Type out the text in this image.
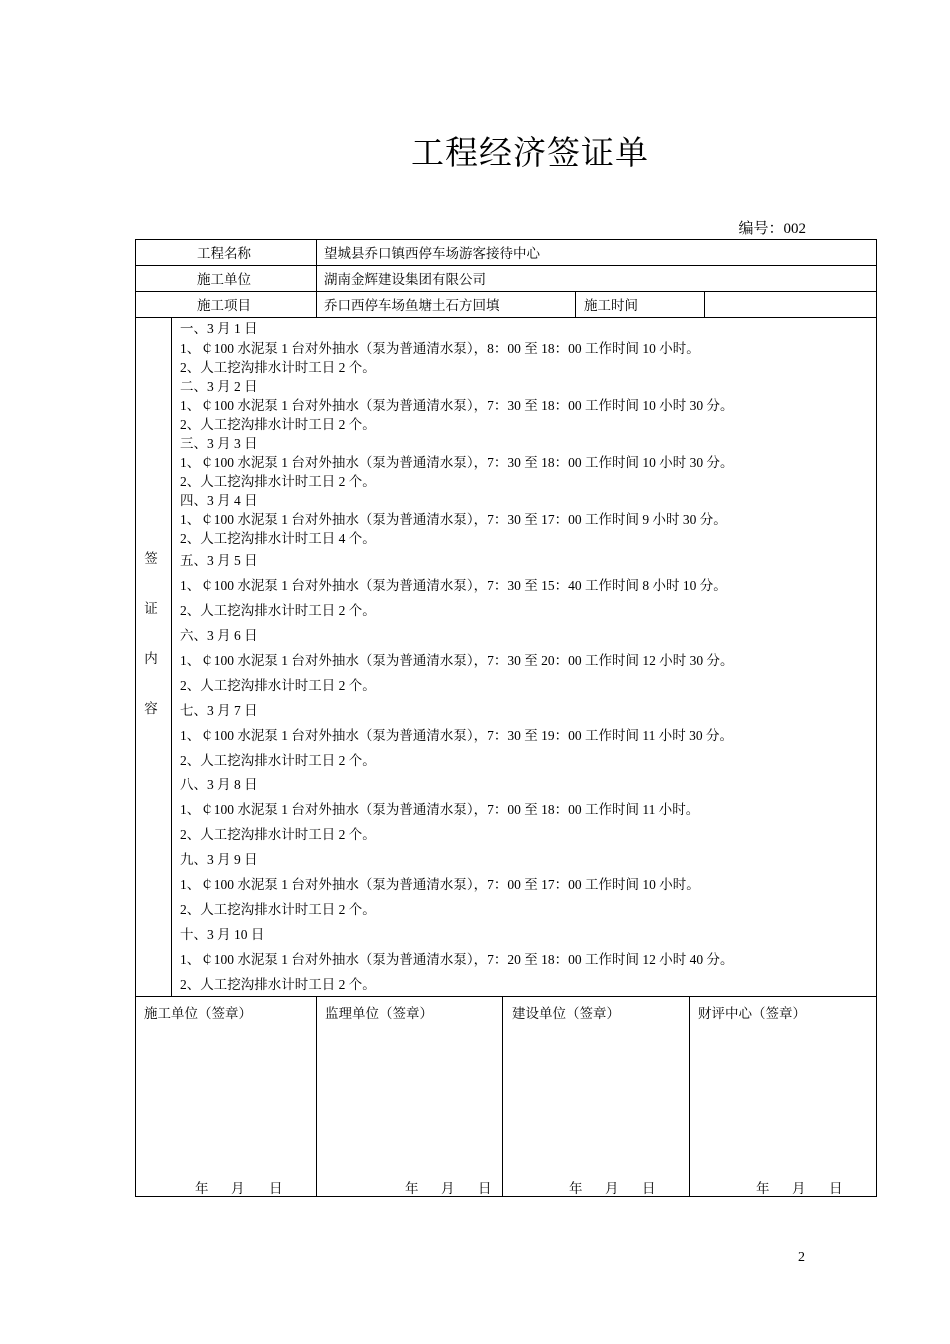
工程经济签证单
编号：002
工程名称	望城县乔口镇西停车场游客接待中心
施工单位	湖南金辉建设集团有限公司
施工项目	乔口西停车场鱼塘土石方回填	施工时间
签
证
内
容
一、3 月 1 日
1、￠100 水泥泵 1 台对外抽水（泵为普通清水泵），8：00 至 18：00 工作时间 10 小时。
2、人工挖沟排水计时工日 2 个。
二、3 月 2 日
1、￠100 水泥泵 1 台对外抽水（泵为普通清水泵），7：30 至 18：00 工作时间 10 小时 30 分。
2、人工挖沟排水计时工日 2 个。
三、3 月 3 日
1、￠100 水泥泵 1 台对外抽水（泵为普通清水泵），7：30 至 18：00 工作时间 10 小时 30 分。
2、人工挖沟排水计时工日 2 个。
四、3 月 4 日
1、￠100 水泥泵 1 台对外抽水（泵为普通清水泵），7：30 至 17：00 工作时间 9 小时 30 分。
2、人工挖沟排水计时工日 4 个。
五、3 月 5 日
1、￠100 水泥泵 1 台对外抽水（泵为普通清水泵），7：30 至 15：40 工作时间 8 小时 10 分。
2、人工挖沟排水计时工日 2 个。
六、3 月 6 日
1、￠100 水泥泵 1 台对外抽水（泵为普通清水泵），7：30 至 20：00 工作时间 12 小时 30 分。
2、人工挖沟排水计时工日 2 个。
七、3 月 7 日
1、￠100 水泥泵 1 台对外抽水（泵为普通清水泵），7：30 至 19：00 工作时间 11 小时 30 分。
2、人工挖沟排水计时工日 2 个。
八、3 月 8 日
1、￠100 水泥泵 1 台对外抽水（泵为普通清水泵），7：00 至 18：00 工作时间 11 小时。
2、人工挖沟排水计时工日 2 个。
九、3 月 9 日
1、￠100 水泥泵 1 台对外抽水（泵为普通清水泵），7：00 至 17：00 工作时间 10 小时。
2、人工挖沟排水计时工日 2 个。
十、3 月 10 日
1、￠100 水泥泵 1 台对外抽水（泵为普通清水泵），7：20 至 18：00 工作时间 12 小时 40 分。
2、人工挖沟排水计时工日 2 个。
施工单位（签章）	监理单位（签章）	建设单位（签章）	财评中心（签章）
年 月 日	年 月 日	年 月 日	年 月 日
2
